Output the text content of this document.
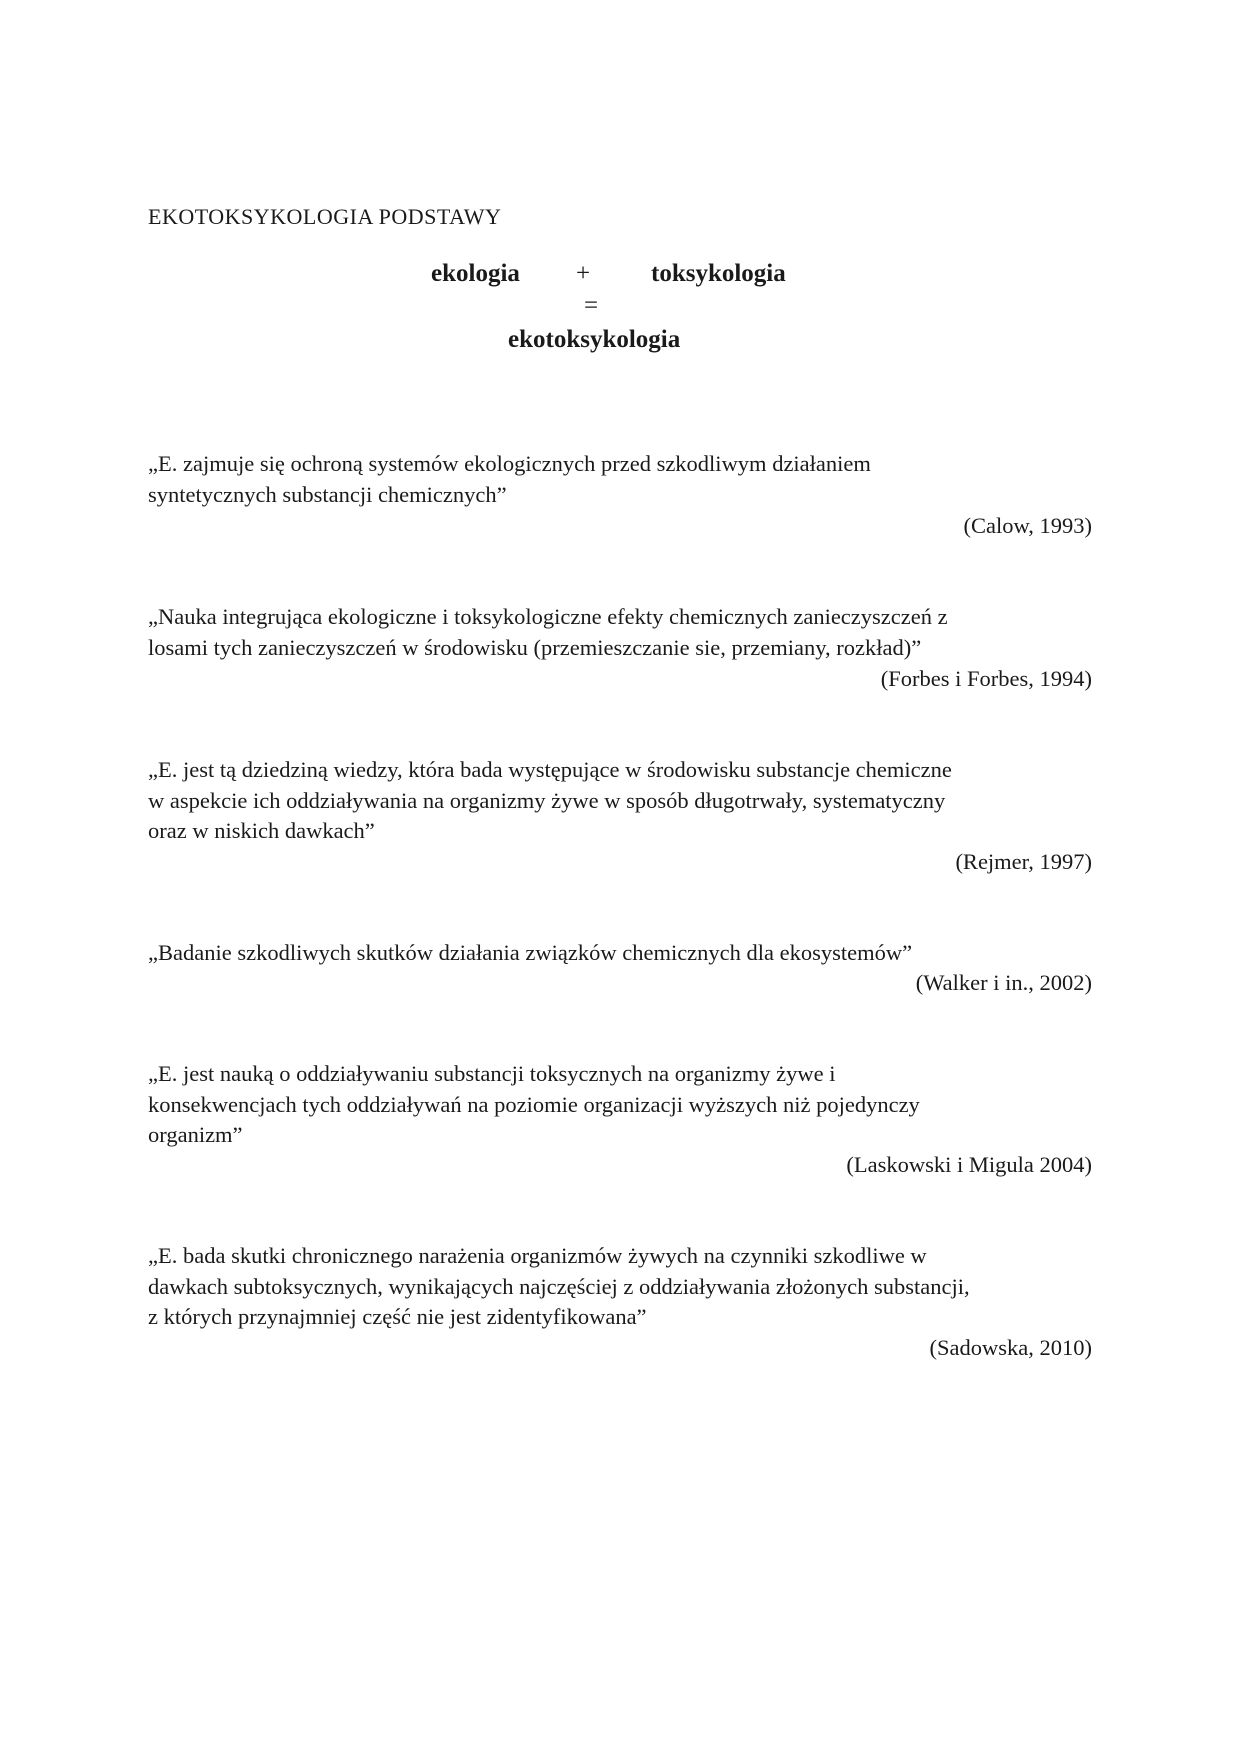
EKOTOKSYKOLOGIA PODSTAWY
ekologia + toksykologia
=
ekotoksykologia
„E. zajmuje się ochroną systemów ekologicznych przed szkodliwym działaniem
syntetycznych substancji chemicznych”
(Calow, 1993)
„Nauka integrująca ekologiczne i toksykologiczne efekty chemicznych zanieczyszczeń z
losami tych zanieczyszczeń w środowisku (przemieszczanie sie, przemiany, rozkład)”
(Forbes i Forbes, 1994)
„E. jest tą dziedziną wiedzy, która bada występujące w środowisku substancje chemiczne
w aspekcie ich oddziaływania na organizmy żywe w sposób długotrwały, systematyczny
oraz w niskich dawkach”
(Rejmer, 1997)
„Badanie szkodliwych skutków działania związków chemicznych dla ekosystemów”
(Walker i in., 2002)
„E. jest nauką o oddziaływaniu substancji toksycznych na organizmy żywe i
konsekwencjach tych oddziaływań na poziomie organizacji wyższych niż pojedynczy
organizm”
(Laskowski i Migula 2004)
„E. bada skutki chronicznego narażenia organizmów żywych na czynniki szkodliwe w
dawkach subtoksycznych, wynikających najczęściej z oddziaływania złożonych substancji,
z których przynajmniej część nie jest zidentyfikowana”
(Sadowska, 2010)
